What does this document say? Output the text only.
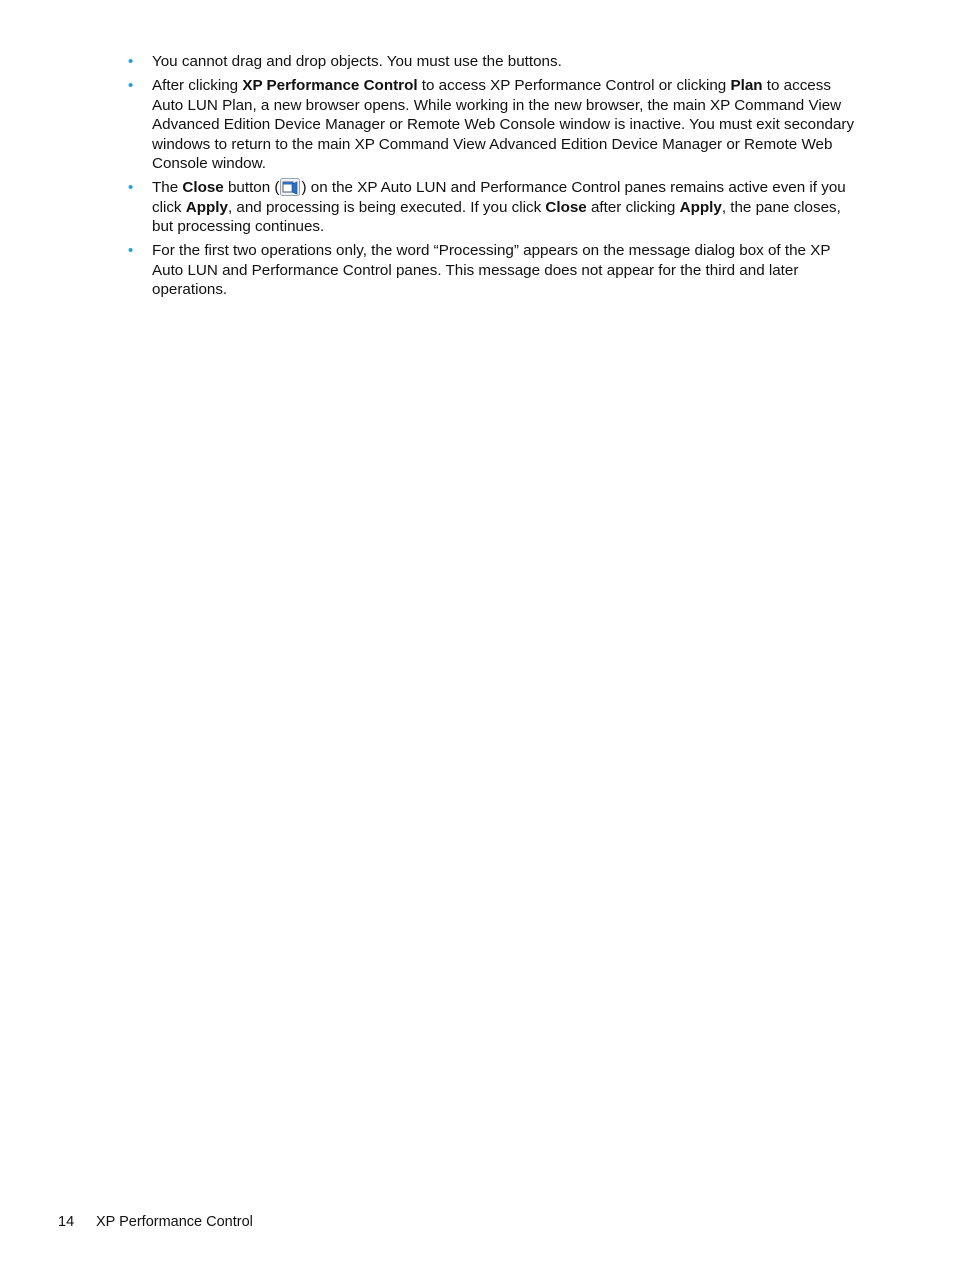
• You cannot drag and drop objects. You must use the buttons.
• After clicking XP Performance Control to access XP Performance Control or clicking Plan to access Auto LUN Plan, a new browser opens. While working in the new browser, the main XP Command View Advanced Edition Device Manager or Remote Web Console window is inactive. You must exit secondary windows to return to the main XP Command View Advanced Edition Device Manager or Remote Web Console window.
• The Close button ( ) on the XP Auto LUN and Performance Control panes remains active even if you click Apply, and processing is being executed. If you click Close after clicking Apply, the pane closes, but processing continues.
• For the first two operations only, the word “Processing” appears on the message dialog box of the XP Auto LUN and Performance Control panes. This message does not appear for the third and later operations.
14 XP Performance Control
